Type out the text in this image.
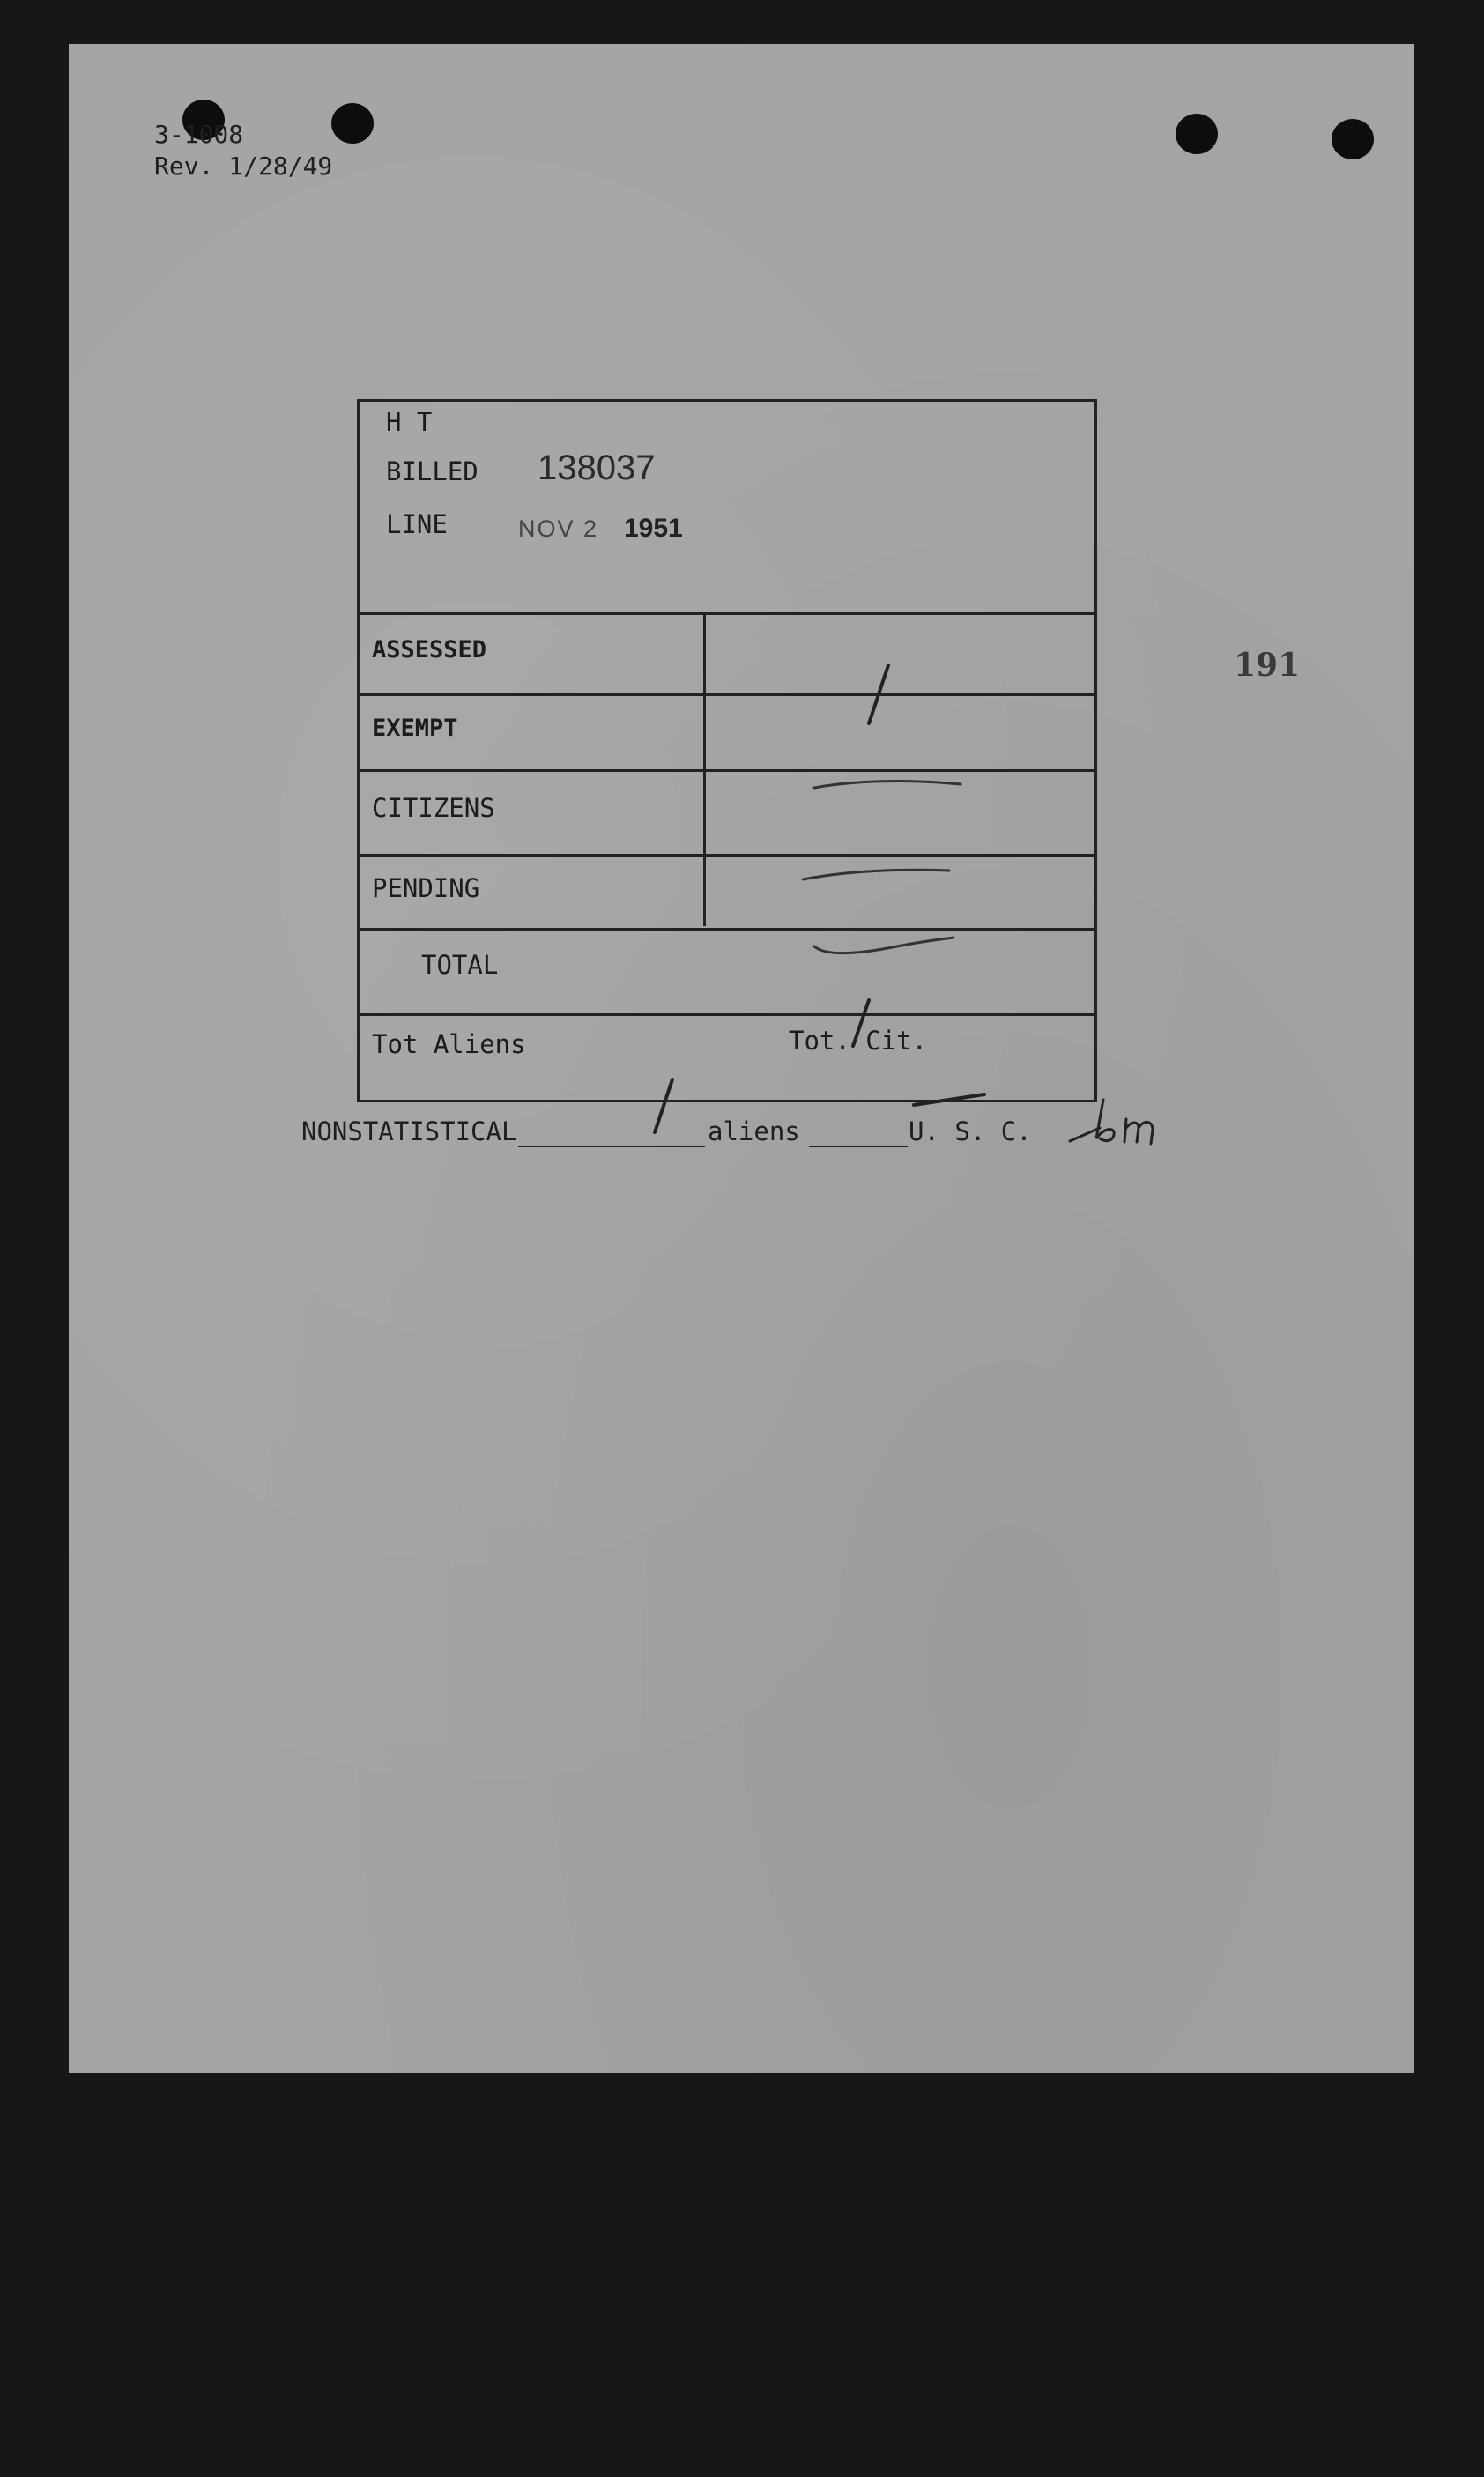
3-1008
Rev. 1/28/49
191
H T
BILLED 138037
LINE	NOV 2 1951
ASSESSED
EXEMPT
CITIZENS
PENDING
TOTAL
Tot Aliens	Tot. Cit.
NONSTATISTICAL	aliens	U. S. C.
